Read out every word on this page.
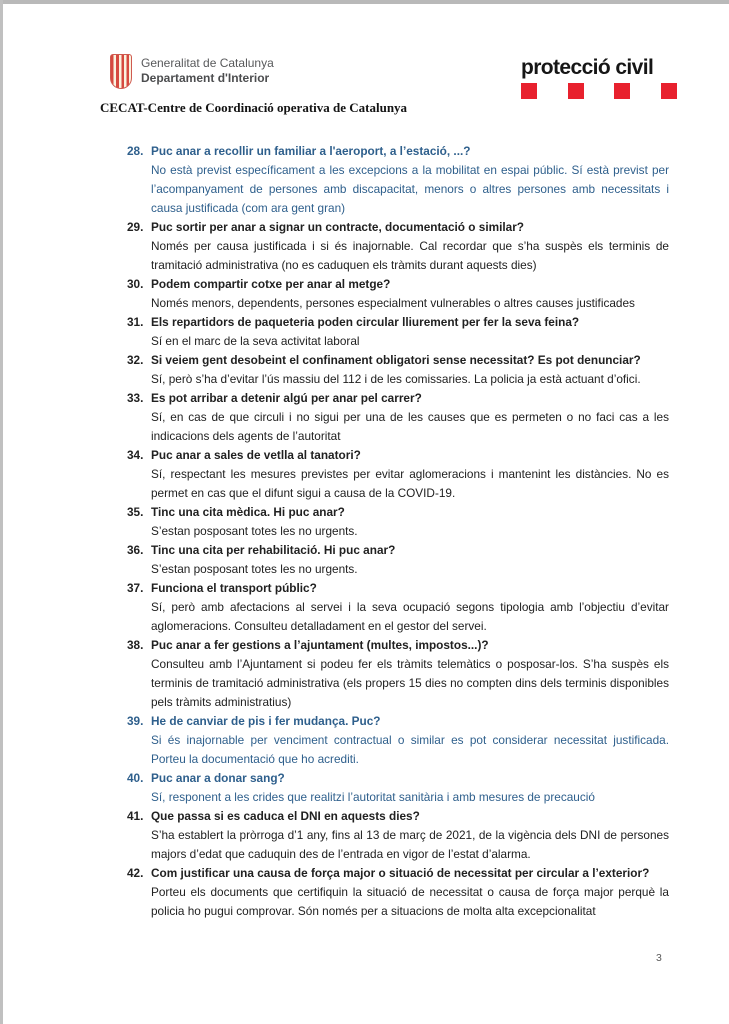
Generalitat de Catalunya
Departament d'Interior	protecció civil
CECAT-Centre de Coordinació operativa de Catalunya
28. Puc anar a recollir un familiar a l'aeroport, a l’estació, ...?
No està previst específicament a les excepcions a la mobilitat en espai públic. Sí està previst per l’acompanyament de persones amb discapacitat, menors o altres persones amb necessitats i causa justificada (com ara gent gran)
29. Puc sortir per anar a signar un contracte, documentació o similar?
Només per causa justificada i si és inajornable. Cal recordar que s’ha suspès els terminis de tramitació administrativa (no es caduquen els tràmits durant aquests dies)
30. Podem compartir cotxe per anar al metge?
Només menors, dependents, persones especialment vulnerables o altres causes justificades
31. Els repartidors de paqueteria poden circular lliurement per fer la seva feina?
Sí en el marc de la seva activitat laboral
32. Si veiem gent desobeint el confinament obligatori sense necessitat? Es pot denunciar?
Sí, però s’ha d’evitar l’ús massiu del 112 i de les comissaries. La policia ja està actuant d’ofici.
33. Es pot arribar a detenir algú per anar pel carrer?
Sí, en cas de que circuli i no sigui per una de les causes que es permeten o no faci cas a les indicacions dels agents de l’autoritat
34. Puc anar a sales de vetlla al tanatori?
Sí, respectant les mesures previstes per evitar aglomeracions i mantenint les distàncies. No es permet en cas que el difunt sigui a causa de la COVID-19.
35. Tinc una cita mèdica. Hi puc anar?
S’estan posposant totes les no urgents.
36. Tinc una cita per rehabilitació. Hi puc anar?
S’estan posposant totes les no urgents.
37. Funciona el transport públic?
Sí, però amb afectacions al servei i la seva ocupació segons tipologia amb l’objectiu d’evitar aglomeracions. Consulteu detalladament en el gestor del servei.
38. Puc anar a fer gestions a l’ajuntament (multes, impostos...)?
Consulteu amb l’Ajuntament si podeu fer els tràmits telemàtics o posposar-los. S’ha suspès els terminis de tramitació administrativa (els propers 15 dies no compten dins dels terminis disponibles pels tràmits administratius)
39. He de canviar de pis i fer mudança. Puc?
Si és inajornable per venciment contractual o similar es pot considerar necessitat justificada. Porteu la documentació que ho acrediti.
40. Puc anar a donar sang?
Sí, responent a les crides que realitzi l’autoritat sanitària i amb mesures de precaució
41. Que passa si es caduca el DNI en aquests dies?
S’ha establert la pròrroga d’1 any, fins al 13 de març de 2021, de la vigència dels DNI de persones majors d’edat que caduquin des de l’entrada en vigor de l’estat d’alarma.
42. Com justificar una causa de força major o situació de necessitat per circular a l’exterior?
Porteu els documents que certifiquin la situació de necessitat o causa de força major perquè la policia ho pugui comprovar. Són només per a situacions de molta alta excepcionalitat
3
